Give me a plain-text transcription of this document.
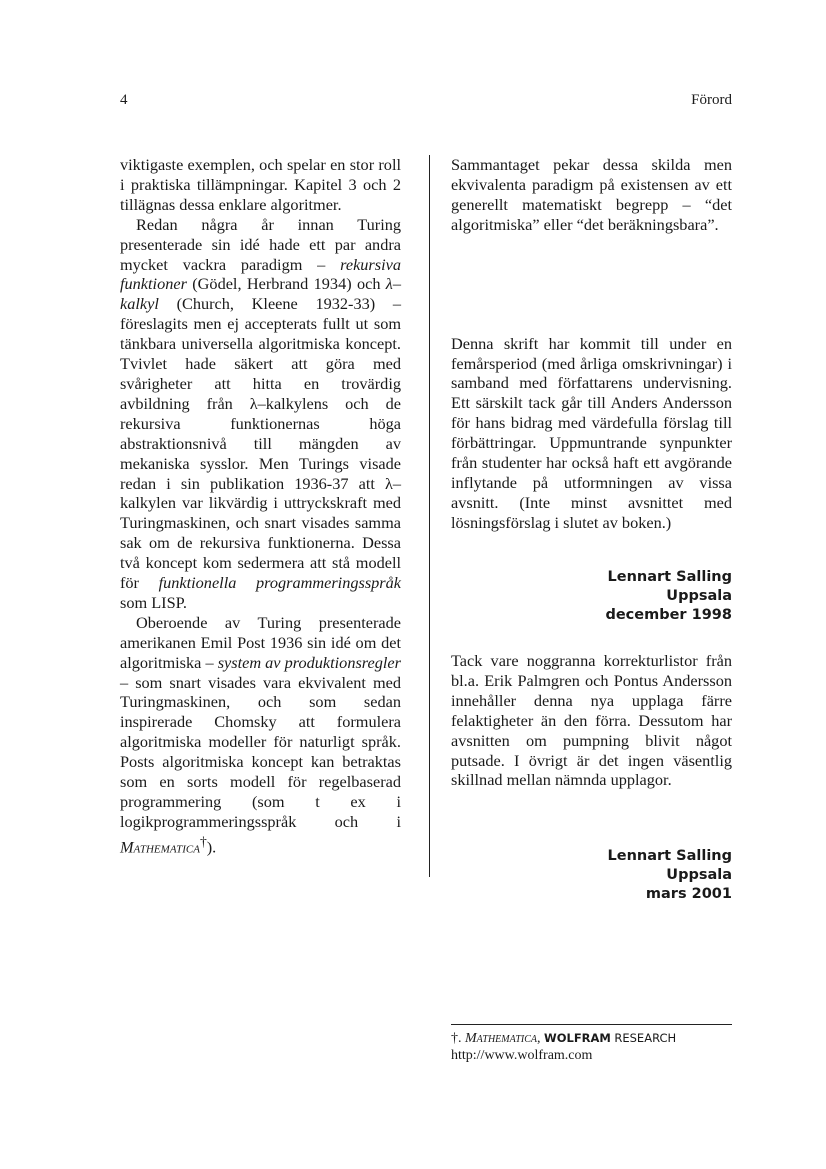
4	Förord

viktigaste exemplen, och spelar en stor roll i praktiska tillämpningar. Kapitel 3 och 2 tillägnas dessa enklare algoritmer.

Redan några år innan Turing presenterade sin idé hade ett par andra mycket vackra paradigm – rekursiva funktioner (Gödel, Herbrand 1934) och λ–kalkyl (Church, Kleene 1932-33) – föreslagits men ej accepterats fullt ut som tänkbara universella algoritmiska koncept. Tvivlet hade säkert att göra med svårigheter att hitta en trovärdig avbildning från λ–kalkylens och de rekursiva funktionernas höga abstraktionsnivå till mängden av mekaniska sysslor. Men Turings visade redan i sin publikation 1936-37 att λ–kalkylen var likvärdig i uttryckskraft med Turingmaskinen, och snart visades samma sak om de rekursiva funktionerna. Dessa två koncept kom sedermera att stå modell för funktionella programmeringsspråk som LISP.

Oberoende av Turing presenterade amerikanen Emil Post 1936 sin idé om det algoritmiska – system av produktionsregler – som snart visades vara ekvivalent med Turingmaskinen, och som sedan inspirerade Chomsky att formulera algoritmiska modeller för naturligt språk. Posts algoritmiska koncept kan betraktas som en sorts modell för regelbaserad programmering (som t ex i logikprogrammeringsspråk och i Mathematica†).

Sammantaget pekar dessa skilda men ekvivalenta paradigm på existensen av ett generellt matematiskt begrepp – “det algoritmiska” eller “det beräkningsbara”.

Denna skrift har kommit till under en femårsperiod (med årliga omskrivningar) i samband med författarens undervisning. Ett särskilt tack går till Anders Andersson för hans bidrag med värdefulla förslag till förbättringar. Uppmuntrande synpunkter från studenter har också haft ett avgörande inflytande på utformningen av vissa avsnitt. (Inte minst avsnittet med lösningsförslag i slutet av boken.)

Lennart Salling
Uppsala
december 1998

Tack vare noggranna korrekturlistor från bl.a. Erik Palmgren och Pontus Andersson innehåller denna nya upplaga färre felaktigheter än den förra. Dessutom har avsnitten om pumpning blivit något putsade. I övrigt är det ingen väsentlig skillnad mellan nämnda upplagor.

Lennart Salling
Uppsala
mars 2001
†. Mathematica, WOLFRAM RESEARCH
http://www.wolfram.com
